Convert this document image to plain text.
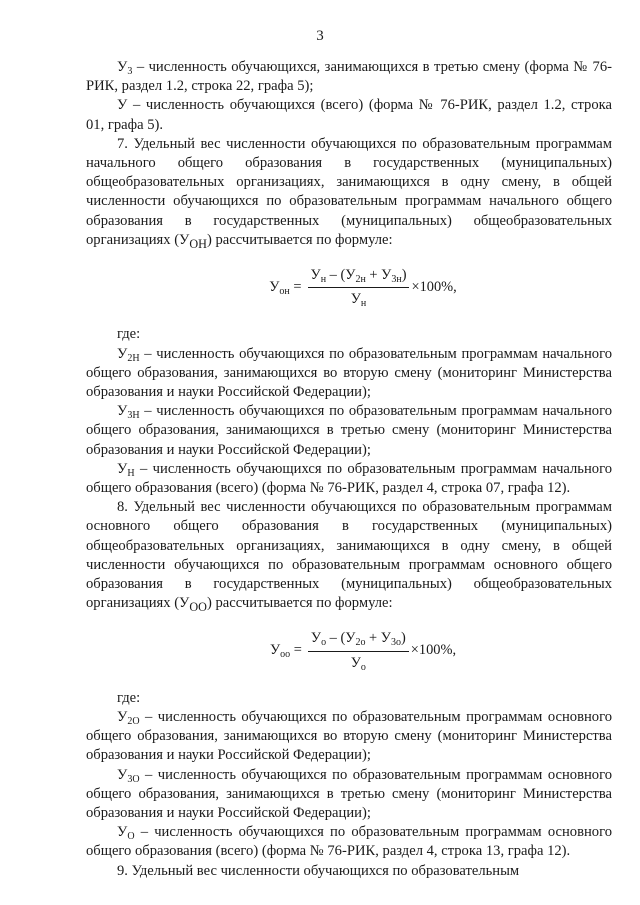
3

$У_3$ – численность обучающихся, занимающихся в третью смену (форма № 76-РИК, раздел 1.2, строка 22, графа 5);

У – численность обучающихся (всего) (форма № 76-РИК, раздел 1.2, строка 01, графа 5).

7. Удельный вес численности обучающихся по образовательным программам начального общего образования в государственных (муниципальных) общеобразовательных организациях, занимающихся в одну смену, в общей численности обучающихся по образовательным программам начального общего образования в государственных (муниципальных) общеобразовательных организациях $(У_{ОН})$ рассчитывается по формуле:

$У_{он} = \frac{У_н - (У_{2н} + У_{3н})}{У_н} \times 100\%$,

где:

$У_{2Н}$ – численность обучающихся по образовательным программам начального общего образования, занимающихся во вторую смену (мониторинг Министерства образования и науки Российской Федерации);

$У_{3Н}$ – численность обучающихся по образовательным программам начального общего образования, занимающихся в третью смену (мониторинг Министерства образования и науки Российской Федерации);

$У_Н$ – численность обучающихся по образовательным программам начального общего образования (всего) (форма № 76-РИК, раздел 4, строка 07, графа 12).

8. Удельный вес численности обучающихся по образовательным программам основного общего образования в государственных (муниципальных) общеобразовательных организациях, занимающихся в одну смену, в общей численности обучающихся по образовательным программам основного общего образования в государственных (муниципальных) общеобразовательных организациях $(У_{ОО})$ рассчитывается по формуле:

$У_{оо} = \frac{У_о - (У_{2о} + У_{3о})}{У_о} \times 100\%$,

где:

$У_{2О}$ – численность обучающихся по образовательным программам основного общего образования, занимающихся во вторую смену (мониторинг Министерства образования и науки Российской Федерации);

$У_{3О}$ – численность обучающихся по образовательным программам основного общего образования, занимающихся в третью смену (мониторинг Министерства образования и науки Российской Федерации);

$У_О$ – численность обучающихся по образовательным программам основного общего образования (всего) (форма № 76-РИК, раздел 4, строка 13, графа 12).

9. Удельный вес численности обучающихся по образовательным
